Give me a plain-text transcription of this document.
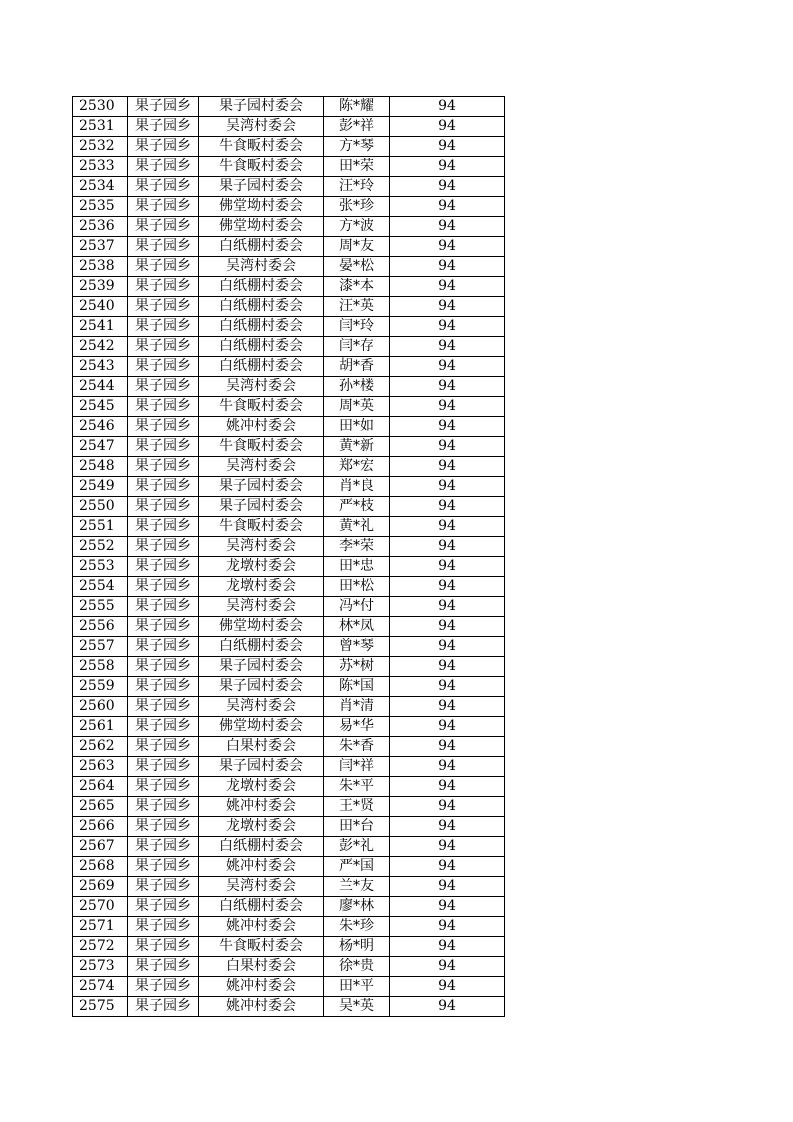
2530	果子园乡	果子园村委会	陈*耀	94
2531	果子园乡	吴湾村委会	彭*祥	94
2532	果子园乡	牛食畈村委会	方*琴	94
2533	果子园乡	牛食畈村委会	田*荣	94
2534	果子园乡	果子园村委会	汪*玲	94
2535	果子园乡	佛堂坳村委会	张*珍	94
2536	果子园乡	佛堂坳村委会	方*波	94
2537	果子园乡	白纸棚村委会	周*友	94
2538	果子园乡	吴湾村委会	晏*松	94
2539	果子园乡	白纸棚村委会	漆*本	94
2540	果子园乡	白纸棚村委会	汪*英	94
2541	果子园乡	白纸棚村委会	闫*玲	94
2542	果子园乡	白纸棚村委会	闫*存	94
2543	果子园乡	白纸棚村委会	胡*香	94
2544	果子园乡	吴湾村委会	孙*楼	94
2545	果子园乡	牛食畈村委会	周*英	94
2546	果子园乡	姚冲村委会	田*如	94
2547	果子园乡	牛食畈村委会	黄*新	94
2548	果子园乡	吴湾村委会	郑*宏	94
2549	果子园乡	果子园村委会	肖*良	94
2550	果子园乡	果子园村委会	严*枝	94
2551	果子园乡	牛食畈村委会	黄*礼	94
2552	果子园乡	吴湾村委会	李*荣	94
2553	果子园乡	龙墩村委会	田*忠	94
2554	果子园乡	龙墩村委会	田*松	94
2555	果子园乡	吴湾村委会	冯*付	94
2556	果子园乡	佛堂坳村委会	林*凤	94
2557	果子园乡	白纸棚村委会	曾*琴	94
2558	果子园乡	果子园村委会	苏*树	94
2559	果子园乡	果子园村委会	陈*国	94
2560	果子园乡	吴湾村委会	肖*清	94
2561	果子园乡	佛堂坳村委会	易*华	94
2562	果子园乡	白果村委会	朱*香	94
2563	果子园乡	果子园村委会	闫*祥	94
2564	果子园乡	龙墩村委会	朱*平	94
2565	果子园乡	姚冲村委会	王*贤	94
2566	果子园乡	龙墩村委会	田*台	94
2567	果子园乡	白纸棚村委会	彭*礼	94
2568	果子园乡	姚冲村委会	严*国	94
2569	果子园乡	吴湾村委会	兰*友	94
2570	果子园乡	白纸棚村委会	廖*林	94
2571	果子园乡	姚冲村委会	朱*珍	94
2572	果子园乡	牛食畈村委会	杨*明	94
2573	果子园乡	白果村委会	徐*贵	94
2574	果子园乡	姚冲村委会	田*平	94
2575	果子园乡	姚冲村委会	吴*英	94
